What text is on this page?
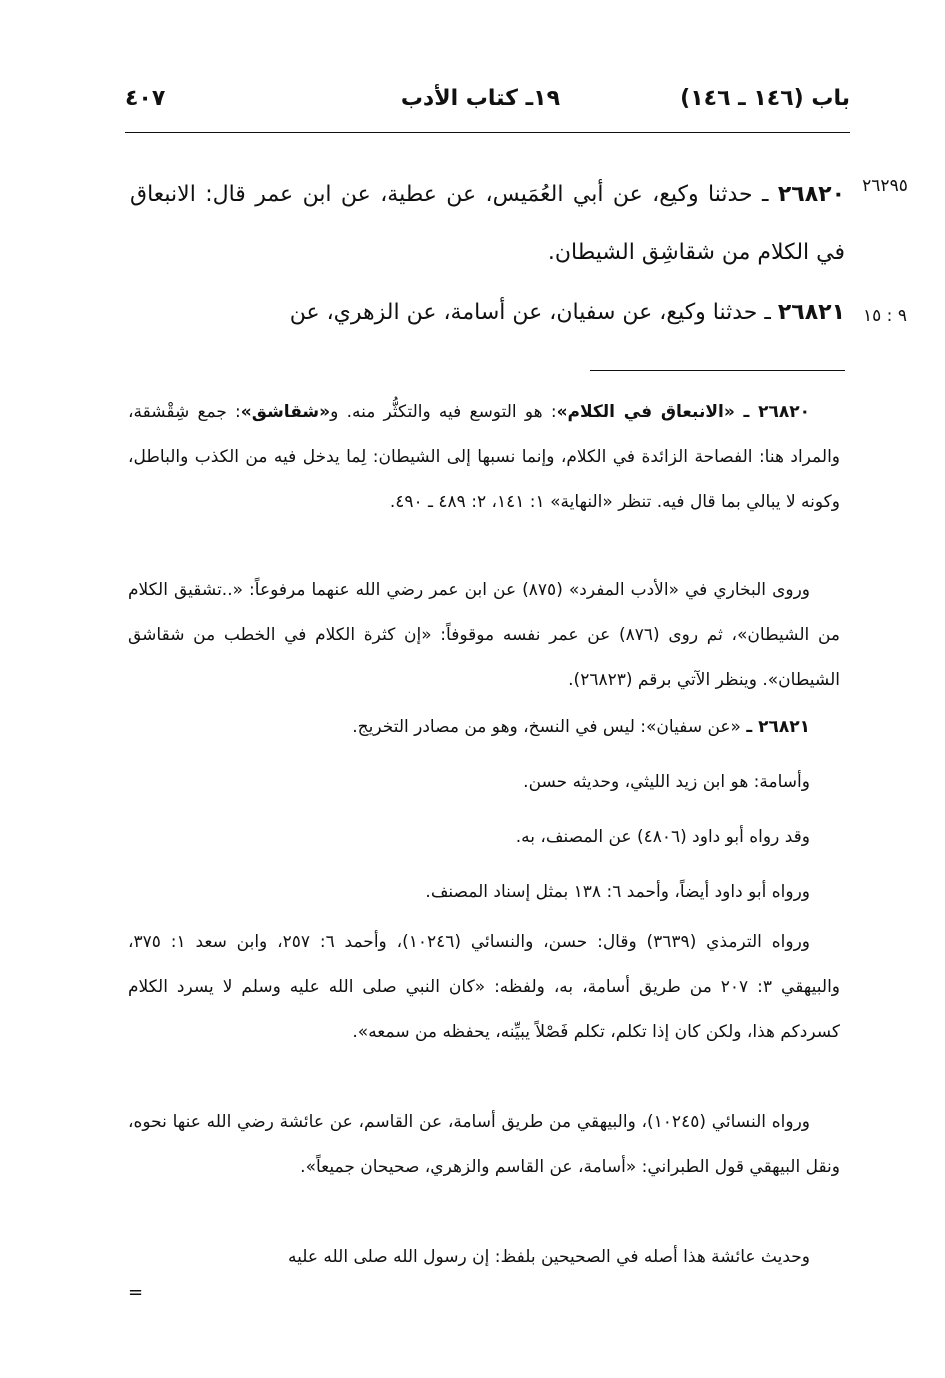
باب (١٤٦ ـ ١٤٦)
١٩ـ كتاب الأدب
٤٠٧
٢٦٢٩٥
٩ : ١٥
٢٦٨٢٠ ـ حدثنا وكيع، عن أبي العُمَيس، عن عطية، عن ابن عمر قال: الانبعاق في الكلام من شقاشِق الشيطان.
٢٦٨٢١ ـ حدثنا وكيع، عن سفيان، عن أسامة، عن الزهري، عن
٢٦٨٢٠ ـ «الانبعاق في الكلام»: هو التوسع فيه والتكثُّر منه. و«شقاشق»: جمع شِقْشقة، والمراد هنا: الفصاحة الزائدة في الكلام، وإنما نسبها إلى الشيطان: لِما يدخل فيه من الكذب والباطل، وكونه لا يبالي بما قال فيه. تنظر «النهاية» ١: ١٤١، ٢: ٤٨٩ ـ ٤٩٠.
وروى البخاري في «الأدب المفرد» (٨٧٥) عن ابن عمر رضي الله عنهما مرفوعاً: «..تشقيق الكلام من الشيطان»، ثم روى (٨٧٦) عن عمر نفسه موقوفاً: «إن كثرة الكلام في الخطب من شقاشق الشيطان». وينظر الآتي برقم (٢٦٨٢٣).
٢٦٨٢١ ـ «عن سفيان»: ليس في النسخ، وهو من مصادر التخريج.
وأسامة: هو ابن زيد الليثي، وحديثه حسن.
وقد رواه أبو داود (٤٨٠٦) عن المصنف، به.
ورواه أبو داود أيضاً، وأحمد ٦: ١٣٨ بمثل إسناد المصنف.
ورواه الترمذي (٣٦٣٩) وقال: حسن، والنسائي (١٠٢٤٦)، وأحمد ٦: ٢٥٧، وابن سعد ١: ٣٧٥، والبيهقي ٣: ٢٠٧ من طريق أسامة، به، ولفظه: «كان النبي صلى الله عليه وسلم لا يسرد الكلام كسردكم هذا، ولكن كان إذا تكلم، تكلم فَصْلاً يبيِّنه، يحفظه من سمعه».
ورواه النسائي (١٠٢٤٥)، والبيهقي من طريق أسامة، عن القاسم، عن عائشة رضي الله عنها نحوه، ونقل البيهقي قول الطبراني: «أسامة، عن القاسم والزهري، صحيحان جميعاً».
وحديث عائشة هذا أصله في الصحيحين بلفظ: إن رسول الله صلى الله عليه
=
